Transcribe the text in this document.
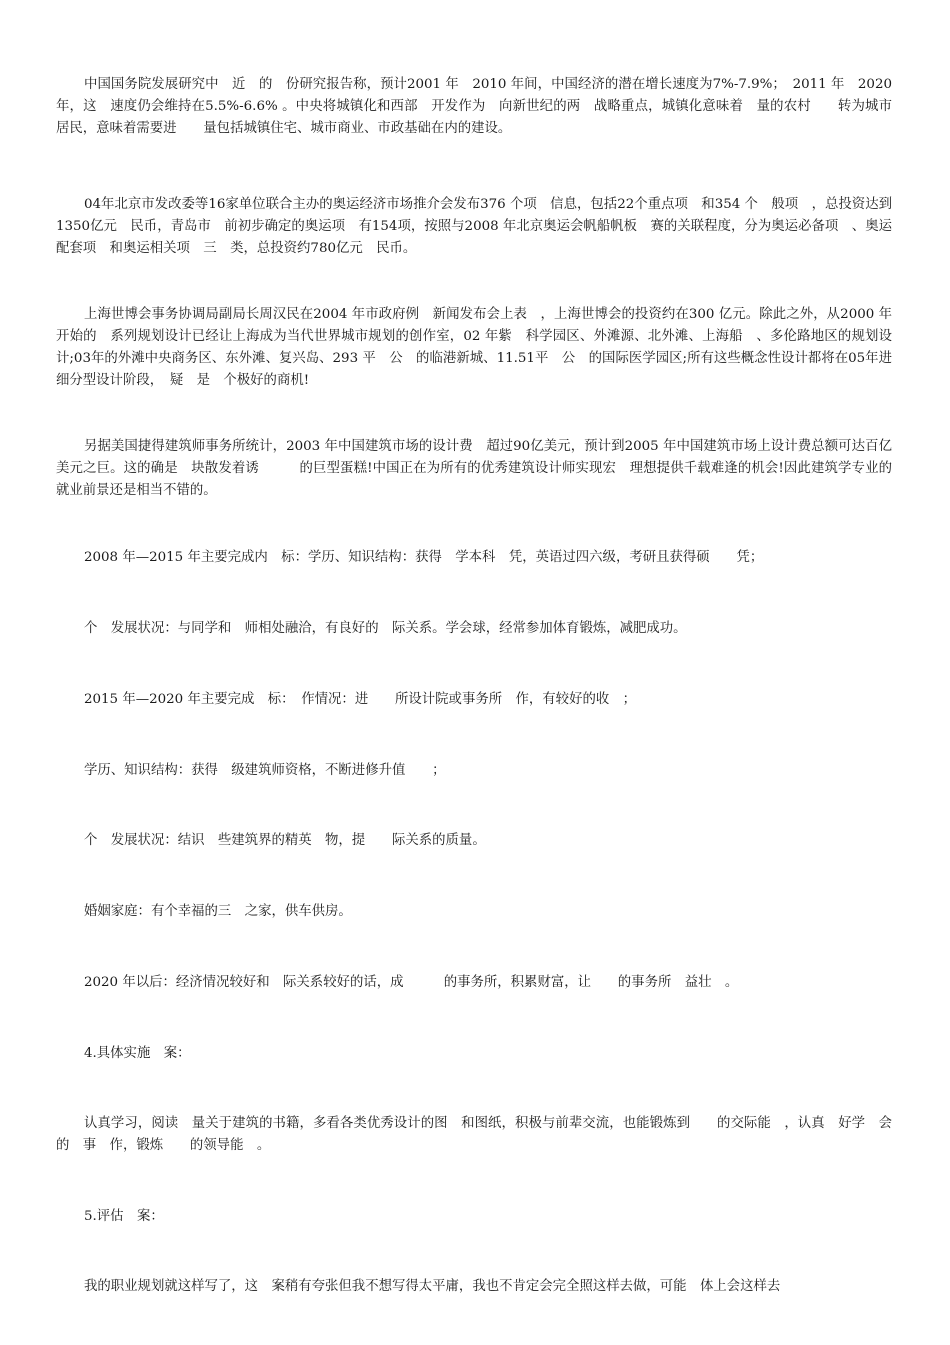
中国国务院发展研究中　近　的　份研究报告称，预计2001 年　2010 年间，中国经济的潜在增长速度为7%-7.9%；　2011 年　2020 年，这　速度仍会维持在5.5%-6.6% 。中央将城镇化和西部　开发作为　向新世纪的两　战略重点，城镇化意味着　量的农村　　转为城市居民，意味着需要进　　量包括城镇住宅、城市商业、市政基础在内的建设。

04年北京市发改委等16家单位联合主办的奥运经济市场推介会发布376 个项　信息，包括22个重点项　和354 个　般项　，总投资达到1350亿元　民币，青岛市　前初步确定的奥运项　有154项，按照与2008 年北京奥运会帆船帆板　赛的关联程度，分为奥运必备项　、奥运配套项　和奥运相关项　三　类，总投资约780亿元　民币。

上海世博会事务协调局副局长周汉民在2004 年市政府例　新闻发布会上表　，上海世博会的投资约在300 亿元。除此之外，从2000 年开始的　系列规划设计已经让上海成为当代世界城市规划的创作室，02 年紫　科学园区、外滩源、北外滩、上海船　、多伦路地区的规划设计;03年的外滩中央商务区、东外滩、复兴岛、293 平　公　的临港新城、11.51平　公　的国际医学园区;所有这些概念性设计都将在05年进　细分型设计阶段，　疑　是　个极好的商机!

另据美国捷得建筑师事务所统计，2003 年中国建筑市场的设计费　超过90亿美元，预计到2005 年中国建筑市场上设计费总额可达百亿美元之巨。这的确是　块散发着诱　　　的巨型蛋糕!中国正在为所有的优秀建筑设计师实现宏　理想提供千载难逢的机会!因此建筑学专业的就业前景还是相当不错的。

2008 年—2015 年主要完成内　标：学历、知识结构：获得　学本科　凭，英语过四六级，考研且获得硕　　凭；

个　发展状况：与同学和　师相处融洽，有良好的　际关系。学会球，经常参加体育锻炼，减肥成功。

2015 年—2020 年主要完成　标：　作情况：进　　所设计院或事务所　作，有较好的收　；

学历、知识结构：获得　级建筑师资格，不断进修升值　　；

个　发展状况：结识　些建筑界的精英　物，提　　际关系的质量。

婚姻家庭：有个幸福的三　之家，供车供房。

2020 年以后：经济情况较好和　际关系较好的话，成　　　的事务所，积累财富，让　　的事务所　益壮　。

4.具体实施　案：

认真学习，阅读　量关于建筑的书籍，多看各类优秀设计的图　和图纸，积极与前辈交流，也能锻炼到　　的交际能　，认真　好学　会的　事　作，锻炼　　的领导能　。

5.评估　案：

我的职业规划就这样写了，这　案稍有夸张但我不想写得太平庸，我也不肯定会完全照这样去做，可能　体上会这样去
